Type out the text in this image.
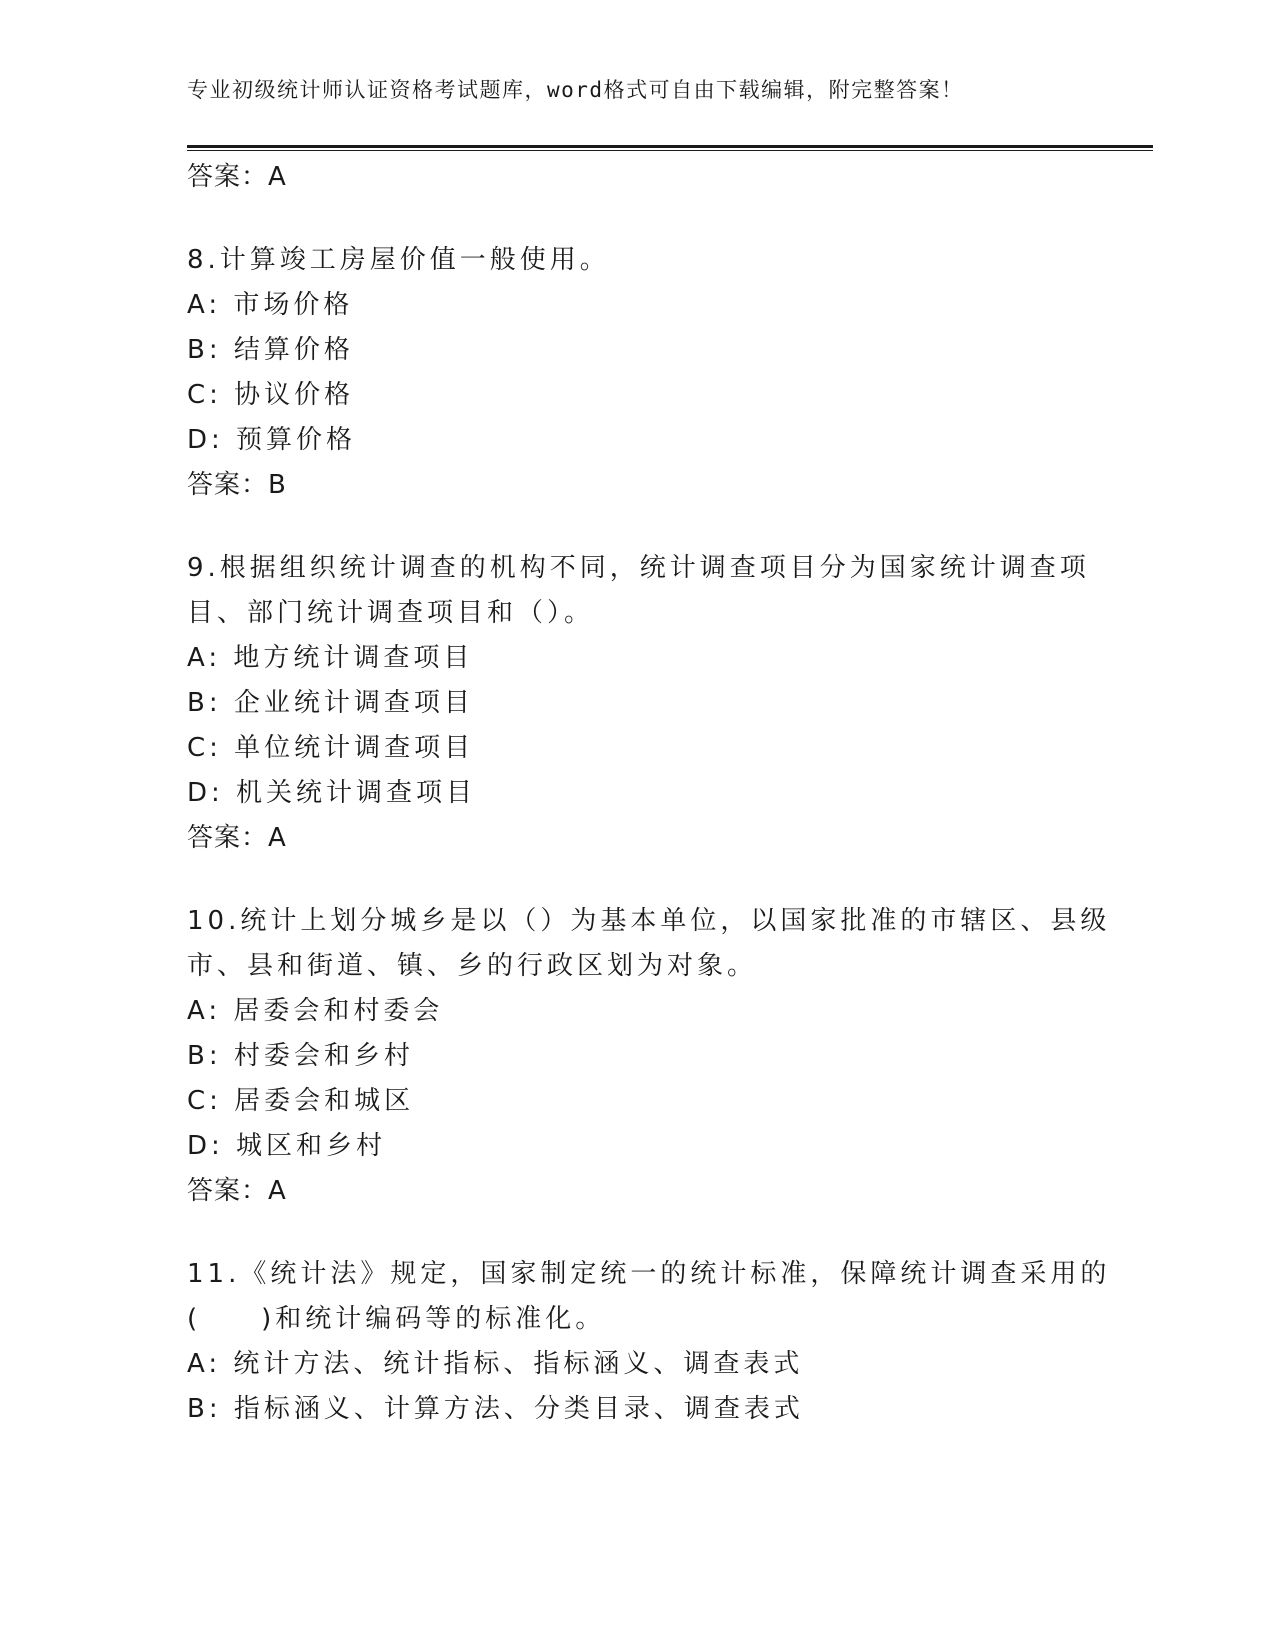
专业初级统计师认证资格考试题库，word格式可自由下载编辑，附完整答案！
答案：A
8.计算竣工房屋价值一般使用。
A: 市场价格
B: 结算价格
C: 协议价格
D: 预算价格
答案：B
9.根据组织统计调查的机构不同，统计调查项目分为国家统计调查项
目、部门统计调查项目和（）。
A: 地方统计调查项目
B: 企业统计调查项目
C: 单位统计调查项目
D: 机关统计调查项目
答案：A
10.统计上划分城乡是以（）为基本单位，以国家批准的市辖区、县级
市、县和街道、镇、乡的行政区划为对象。
A: 居委会和村委会
B: 村委会和乡村
C: 居委会和城区
D: 城区和乡村
答案：A
11.《统计法》规定，国家制定统一的统计标准，保障统计调查采用的
(　　)和统计编码等的标准化。
A: 统计方法、统计指标、指标涵义、调查表式
B: 指标涵义、计算方法、分类目录、调查表式
